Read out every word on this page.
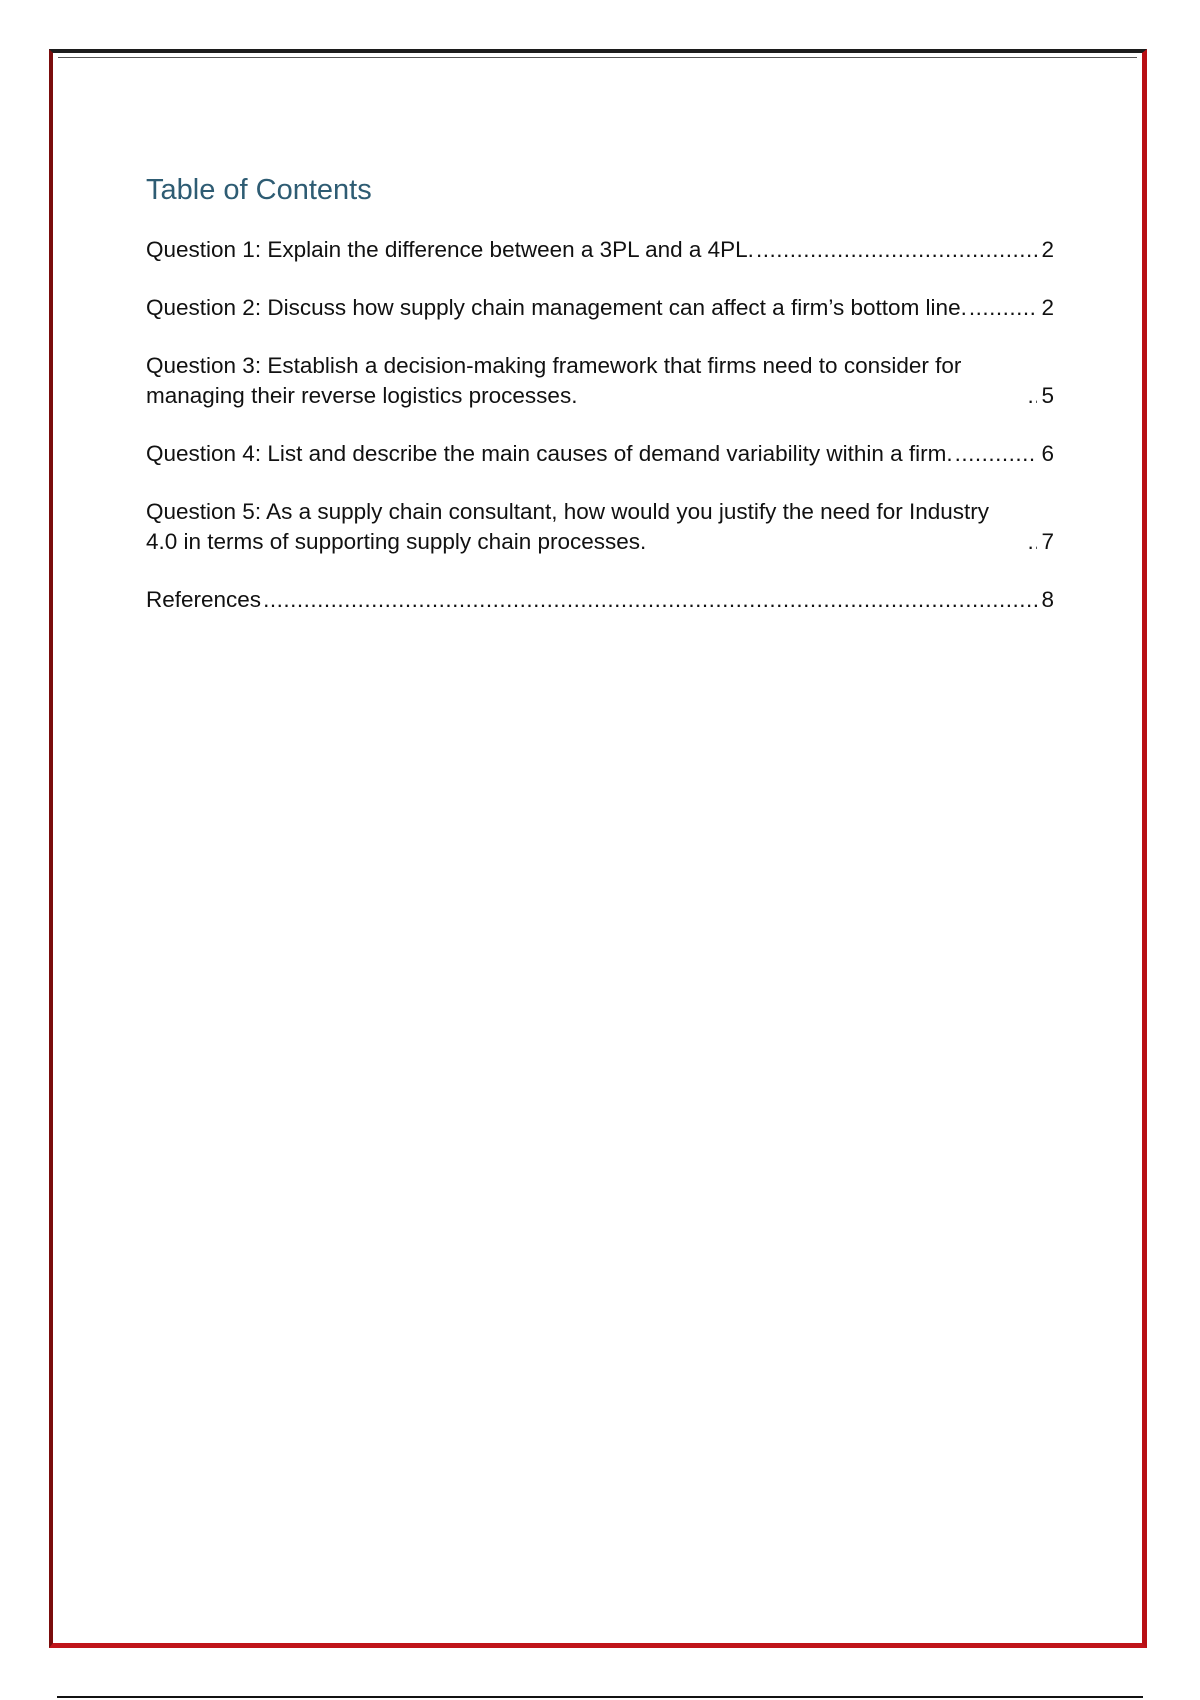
Table of Contents
Question 1: Explain the difference between a 3PL and a 4PL. .....	2
Question 2: Discuss how supply chain management can affect a firm’s bottom line. .....	2
Question 3: Establish a decision-making framework that firms need to consider for managing their reverse logistics processes. .....	5
Question 4: List and describe the main causes of demand variability within a firm. .....	6
Question 5: As a supply chain consultant, how would you justify the need for Industry 4.0 in terms of supporting supply chain processes. .....	7
References .....	8
